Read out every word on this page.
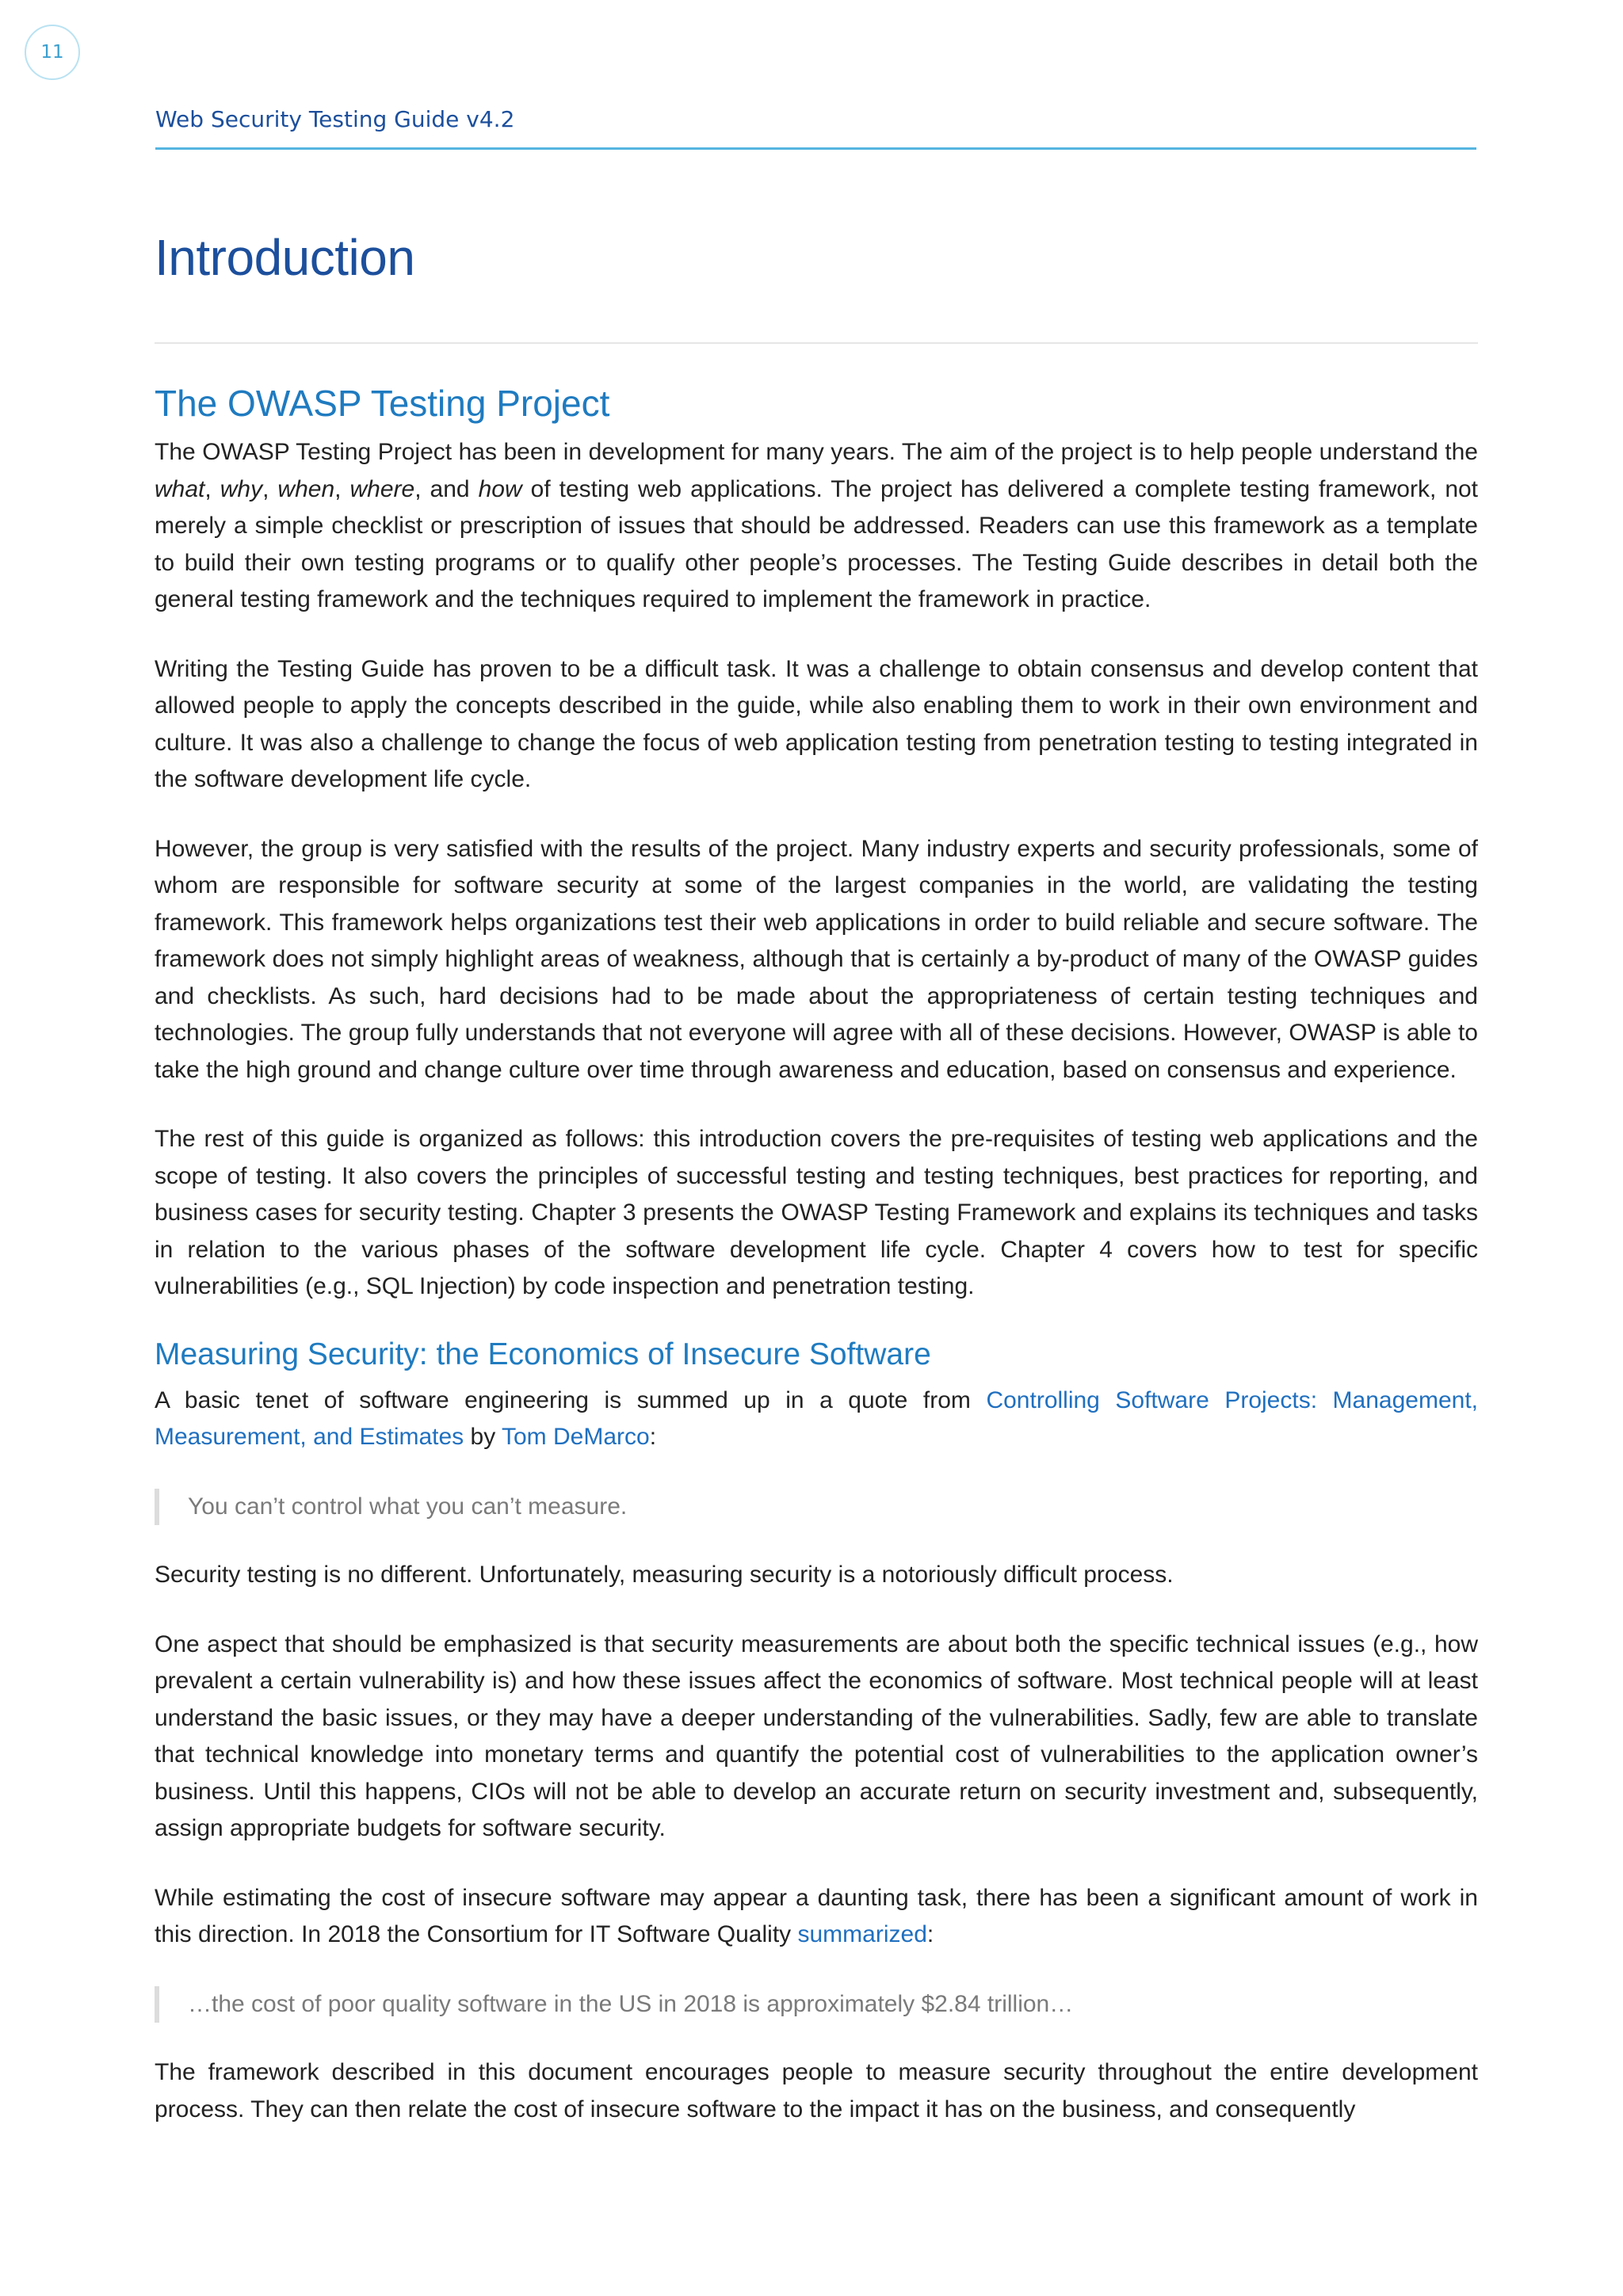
11
Web Security Testing Guide v4.2
Introduction
The OWASP Testing Project

The OWASP Testing Project has been in development for many years. The aim of the project is to help people understand the what, why, when, where, and how of testing web applications. The project has delivered a complete testing framework, not merely a simple checklist or prescription of issues that should be addressed. Readers can use this framework as a template to build their own testing programs or to qualify other people’s processes. The Testing Guide describes in detail both the general testing framework and the techniques required to implement the framework in practice.

Writing the Testing Guide has proven to be a difficult task. It was a challenge to obtain consensus and develop content that allowed people to apply the concepts described in the guide, while also enabling them to work in their own environment and culture. It was also a challenge to change the focus of web application testing from penetration testing to testing integrated in the software development life cycle.

However, the group is very satisfied with the results of the project. Many industry experts and security professionals, some of whom are responsible for software security at some of the largest companies in the world, are validating the testing framework. This framework helps organizations test their web applications in order to build reliable and secure software. The framework does not simply highlight areas of weakness, although that is certainly a by-product of many of the OWASP guides and checklists. As such, hard decisions had to be made about the appropriateness of certain testing techniques and technologies. The group fully understands that not everyone will agree with all of these decisions. However, OWASP is able to take the high ground and change culture over time through awareness and education, based on consensus and experience.

The rest of this guide is organized as follows: this introduction covers the pre-requisites of testing web applications and the scope of testing. It also covers the principles of successful testing and testing techniques, best practices for reporting, and business cases for security testing. Chapter 3 presents the OWASP Testing Framework and explains its techniques and tasks in relation to the various phases of the software development life cycle. Chapter 4 covers how to test for specific vulnerabilities (e.g., SQL Injection) by code inspection and penetration testing.

Measuring Security: the Economics of Insecure Software

A basic tenet of software engineering is summed up in a quote from Controlling Software Projects: Management, Measurement, and Estimates by Tom DeMarco:

You can’t control what you can’t measure.

Security testing is no different. Unfortunately, measuring security is a notoriously difficult process.

One aspect that should be emphasized is that security measurements are about both the specific technical issues (e.g., how prevalent a certain vulnerability is) and how these issues affect the economics of software. Most technical people will at least understand the basic issues, or they may have a deeper understanding of the vulnerabilities. Sadly, few are able to translate that technical knowledge into monetary terms and quantify the potential cost of vulnerabilities to the application owner’s business. Until this happens, CIOs will not be able to develop an accurate return on security investment and, subsequently, assign appropriate budgets for software security.

While estimating the cost of insecure software may appear a daunting task, there has been a significant amount of work in this direction. In 2018 the Consortium for IT Software Quality summarized:

…the cost of poor quality software in the US in 2018 is approximately $2.84 trillion…

The framework described in this document encourages people to measure security throughout the entire development process. They can then relate the cost of insecure software to the impact it has on the business, and consequently
